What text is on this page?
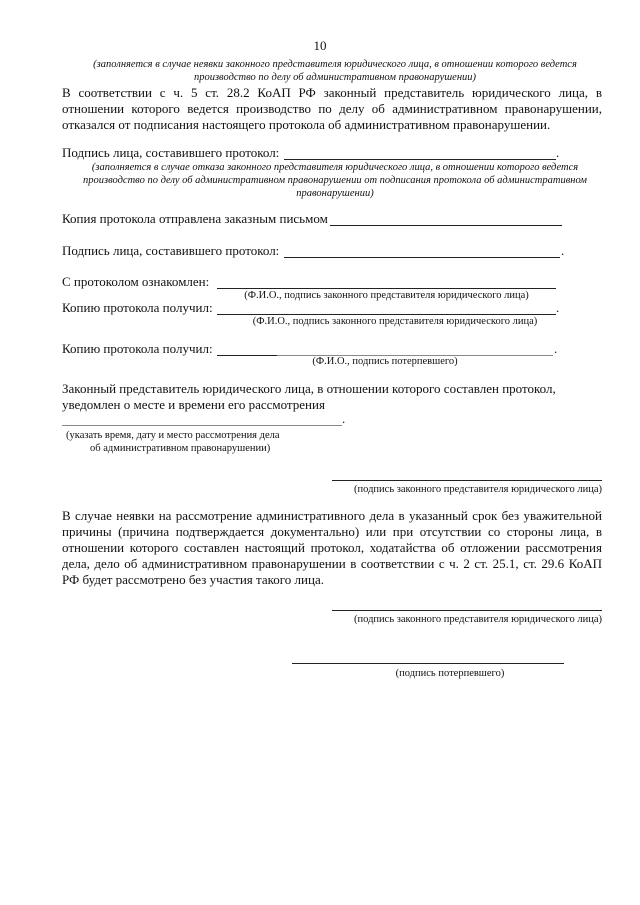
10
(заполняется в случае неявки законного представителя юридического лица, в отношении которого ведется производство по делу об административном правонарушении)
В соответствии с ч. 5 ст. 28.2 КоАП РФ законный представитель юридического лица, в отношении которого ведется производство по делу об административном правонарушении, отказался от подписания настоящего протокола об административном правонарушении.
Подпись лица, составившего протокол:	.
(заполняется в случае отказа законного представителя юридического лица, в отношении которого ведется производство по делу об административном правонарушении от подписания протокола об административном правонарушении)
Копия протокола отправлена заказным письмом
Подпись лица, составившего протокол:	.
С протоколом ознакомлен:
(Ф.И.О., подпись законного представителя юридического лица)
Копию протокола получил:	.
(Ф.И.О., подпись законного представителя юридического лица)
Копию протокола получил:	.
(Ф.И.О., подпись потерпевшего)
Законный представитель юридического лица, в отношении которого составлен протокол, уведомлен о месте и времени его рассмотрения
.
(указать время, дату и место рассмотрения дела
об административном правонарушении)
(подпись законного представителя юридического лица)
В случае неявки на рассмотрение административного дела в указанный срок без уважительной причины (причина подтверждается документально) или при отсутствии со стороны лица, в отношении которого составлен настоящий протокол, ходатайства об отложении рассмотрения дела, дело об административном правонарушении в соответствии с ч. 2 ст. 25.1, ст. 29.6 КоАП РФ будет рассмотрено без участия такого лица.
(подпись законного представителя юридического лица)
(подпись потерпевшего)
